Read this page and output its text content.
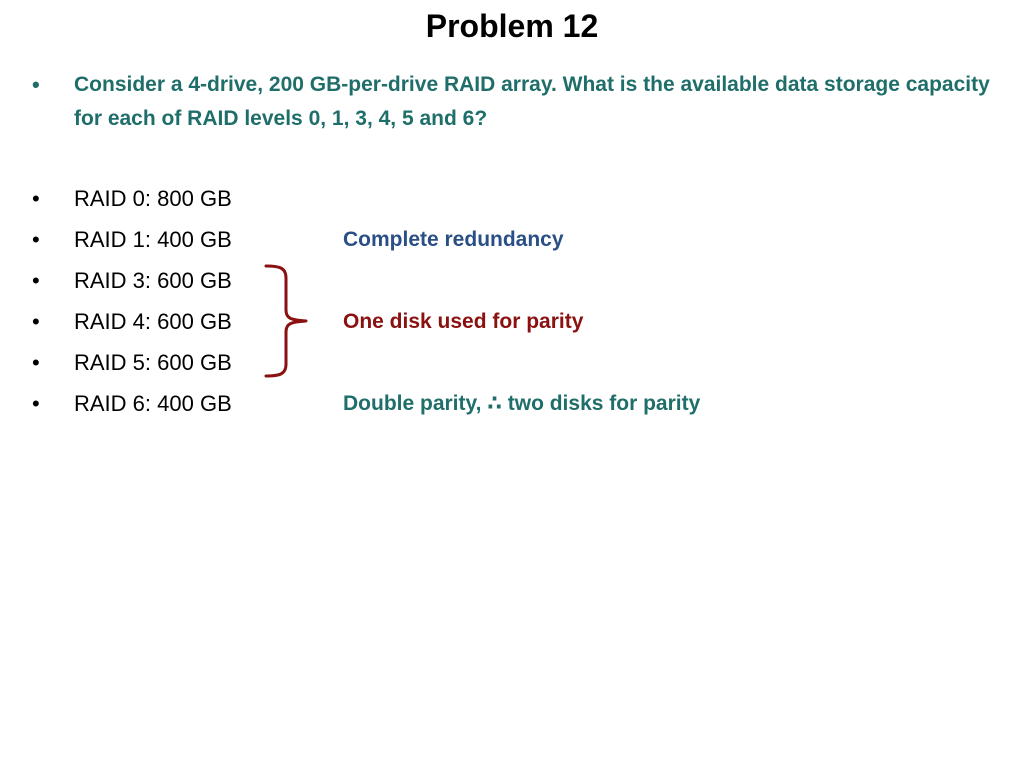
Problem 12
• Consider a 4-drive, 200 GB-per-drive RAID array. What is the available data storage capacity for each of RAID levels 0, 1, 3, 4, 5 and 6?
• RAID 0: 800 GB
• RAID 1: 400 GB
• RAID 3: 600 GB
• RAID 4: 600 GB
• RAID 5: 600 GB
• RAID 6: 400 GB
Complete redundancy
One disk used for parity
Double parity, ∴ two disks for parity
